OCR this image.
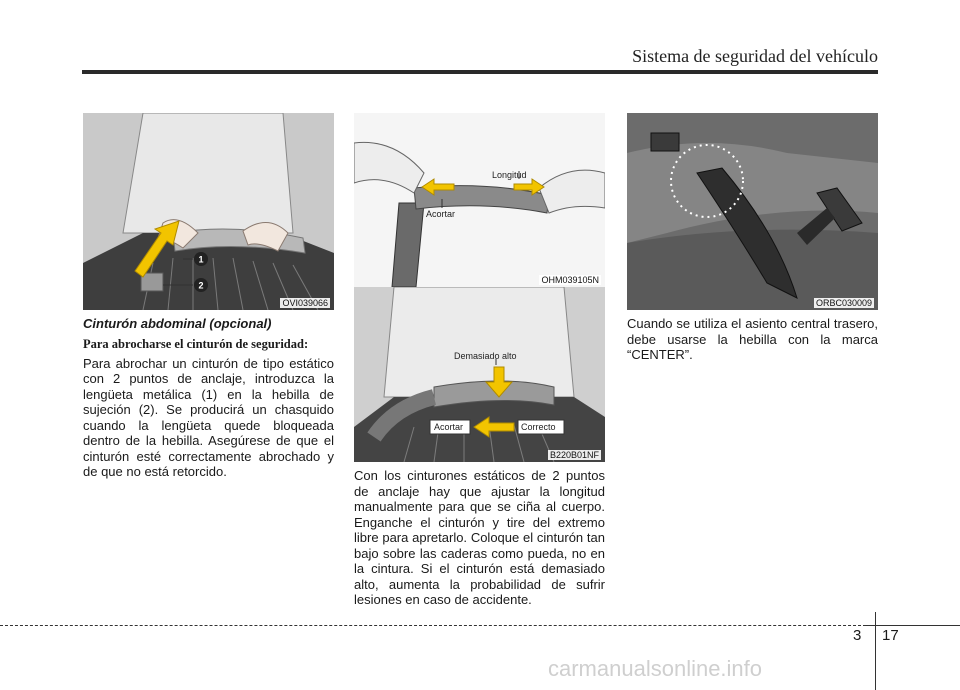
Sistema de seguridad del vehículo
1
2
OVI039066
Longitud
Acortar
OHM039105N
Demasiado alto
Acortar	Correcto
B220B01NF
ORBC030009
Cinturón abdominal (opcional)
Para abrocharse el cinturón de seguridad:

Para abrochar un cinturón de tipo estático con 2 puntos de anclaje, introduzca la lengüeta metálica (1) en la hebilla de sujeción (2). Se producirá un chasquido cuando la lengüeta quede bloqueada dentro de la hebilla. Asegúrese de que el cinturón esté correctamente abrochado y de que no está retorcido.	Con los cinturones estáticos de 2 puntos de anclaje hay que ajustar la longitud manualmente para que se ciña al cuerpo. Enganche el cinturón y tire del extremo libre para apretarlo. Coloque el cinturón tan bajo sobre las caderas como pueda, no en la cintura. Si el cinturón está demasiado alto, aumenta la probabilidad de sufrir lesiones en caso de accidente.

Cuando se utiliza el asiento central trasero, debe usarse la hebilla con la marca “CENTER”.

3 17
carmanualsonline.info
